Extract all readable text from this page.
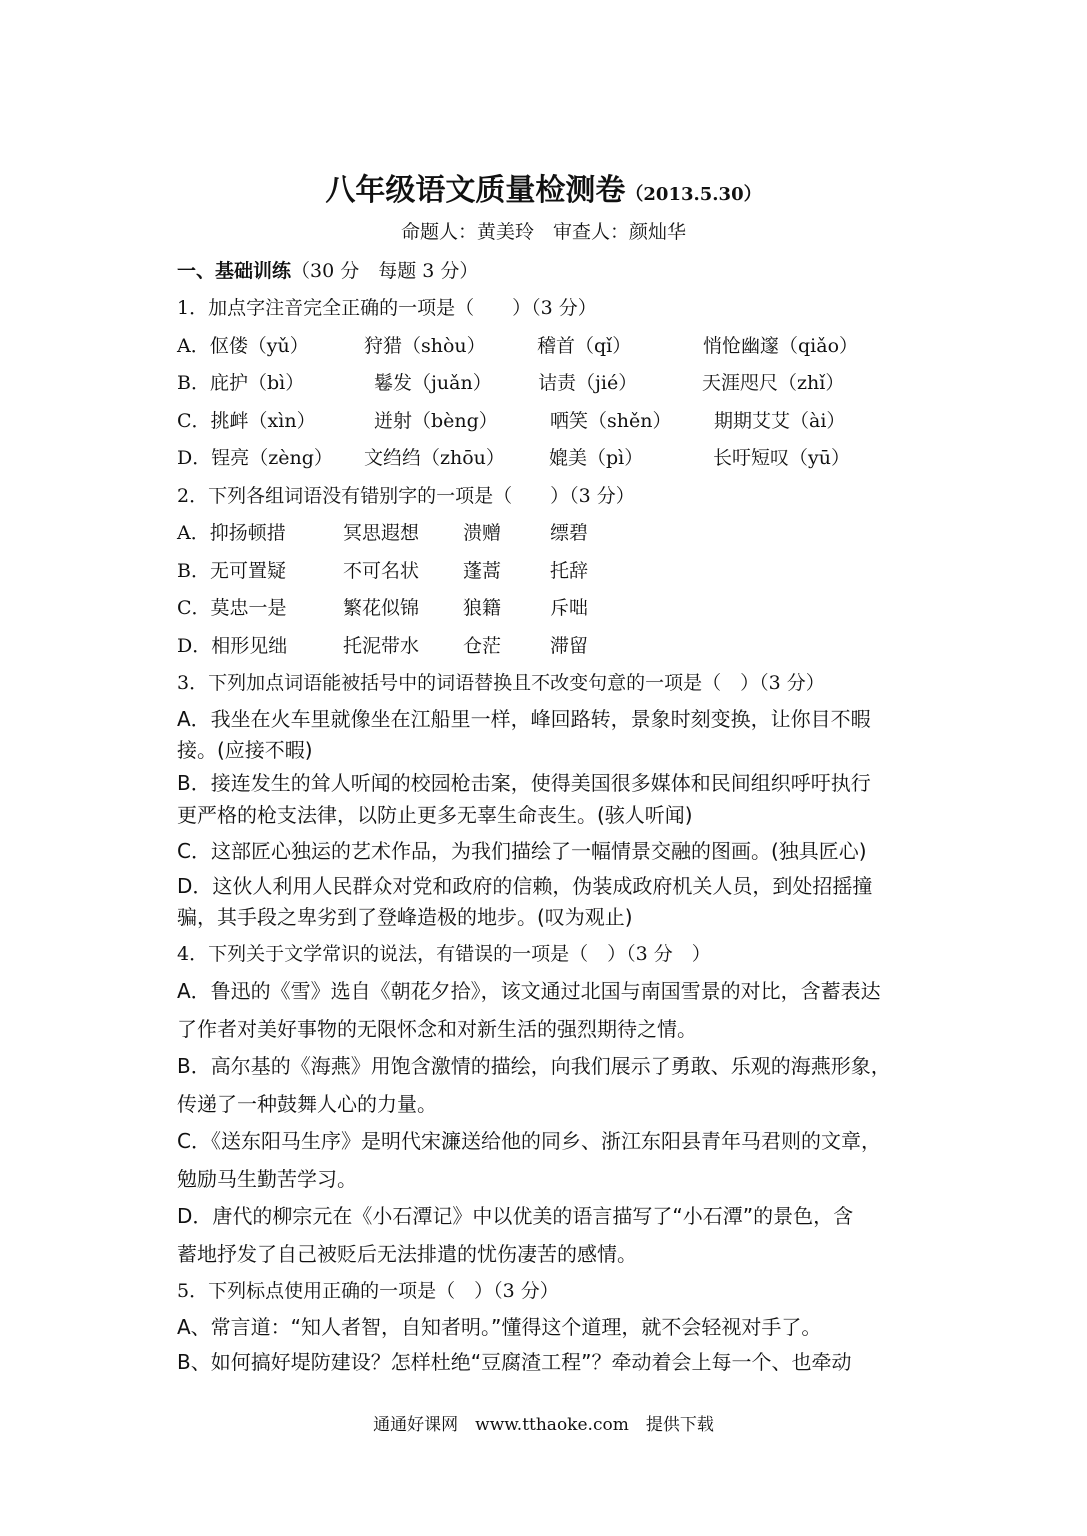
八年级语文质量检测卷（2013.5.30）
命题人：黄美玲　审查人：颜灿华
一、基础训练（30 分　每题 3 分）
1．加点字注音完全正确的一项是（　　）（3 分）
A．伛偻（yǔ）	狩猎（shòu）	稽首（qǐ）	悄怆幽邃（qiǎo）
B．庇护（bì）	鬈发（juǎn） 诘责（jié）	天涯咫尺（zhǐ）
C．挑衅（xìn）	迸射（bèng）	哂笑（shěn） 期期艾艾（ài）
D．锃亮（zèng） 文绉绉（zhōu） 媲美（pì）	长吁短叹（yū）
2．下列各组词语没有错别字的一项是（　　）（3 分）
A．抑扬顿措	冥思遐想 溃赠	缥碧
B．无可置疑	不可名状 蓬蒿	托辞
C．莫忠一是	繁花似锦 狼籍	斥咄
D．相形见绌	托泥带水 仓茫	滞留
3．下列加点词语能被括号中的词语替换且不改变句意的一项是（　）（3 分）
A．我坐在火车里就像坐在江船里一样，峰回路转，景象时刻变换，让你目不暇
接。(应接不暇)
B．接连发生的耸人听闻的校园枪击案，使得美国很多媒体和民间组织呼吁执行
更严格的枪支法律，以防止更多无辜生命丧生。(骇人听闻)
C．这部匠心独运的艺术作品，为我们描绘了一幅情景交融的图画。(独具匠心)
D．这伙人利用人民群众对党和政府的信赖，伪装成政府机关人员，到处招摇撞
骗，其手段之卑劣到了登峰造极的地步。(叹为观止)
4．下列关于文学常识的说法，有错误的一项是（　）（3 分　）
A．鲁迅的《雪》选自《朝花夕拾》，该文通过北国与南国雪景的对比，含蓄表达
了作者对美好事物的无限怀念和对新生活的强烈期待之情。
B．高尔基的《海燕》用饱含激情的描绘，向我们展示了勇敢、乐观的海燕形象，
传递了一种鼓舞人心的力量。
C．《送东阳马生序》是明代宋濂送给他的同乡、浙江东阳县青年马君则的文章，
勉励马生勤苦学习。
D．唐代的柳宗元在《小石潭记》中以优美的语言描写了“小石潭”的景色，含
蓄地抒发了自己被贬后无法排遣的忧伤凄苦的感情。
5．下列标点使用正确的一项是（　）（3 分）
A、常言道：“知人者智，自知者明。”懂得这个道理，就不会轻视对手了。
B、如何搞好堤防建设？怎样杜绝“豆腐渣工程”？牵动着会上每一个、也牵动
通通好课网　www.tthaoke.com　提供下载
